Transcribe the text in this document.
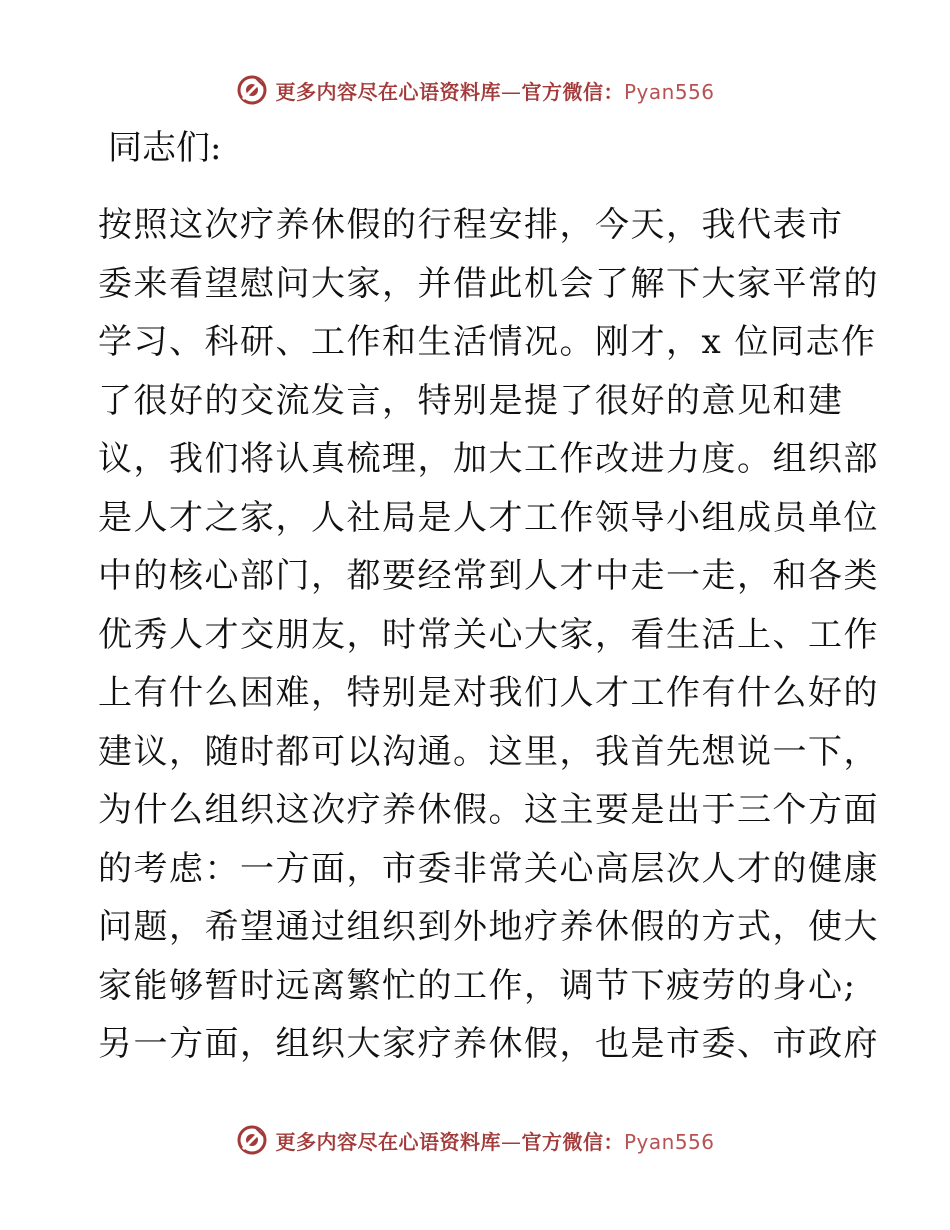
更多内容尽在心语资料库—官方微信：Pyan556
同志们:
按照这次疗养休假的行程安排，今天，我代表市
委来看望慰问大家，并借此机会了解下大家平常的
学习、科研、工作和生活情况。刚才，x 位同志作
了很好的交流发言，特别是提了很好的意见和建
议，我们将认真梳理，加大工作改进力度。组织部
是人才之家，人社局是人才工作领导小组成员单位
中的核心部门，都要经常到人才中走一走，和各类
优秀人才交朋友，时常关心大家，看生活上、工作
上有什么困难，特别是对我们人才工作有什么好的
建议，随时都可以沟通。这里，我首先想说一下，
为什么组织这次疗养休假。这主要是出于三个方面
的考虑：一方面，市委非常关心高层次人才的健康
问题，希望通过组织到外地疗养休假的方式，使大
家能够暂时远离繁忙的工作，调节下疲劳的身心;
另一方面，组织大家疗养休假，也是市委、市政府
更多内容尽在心语资料库—官方微信：Pyan556
